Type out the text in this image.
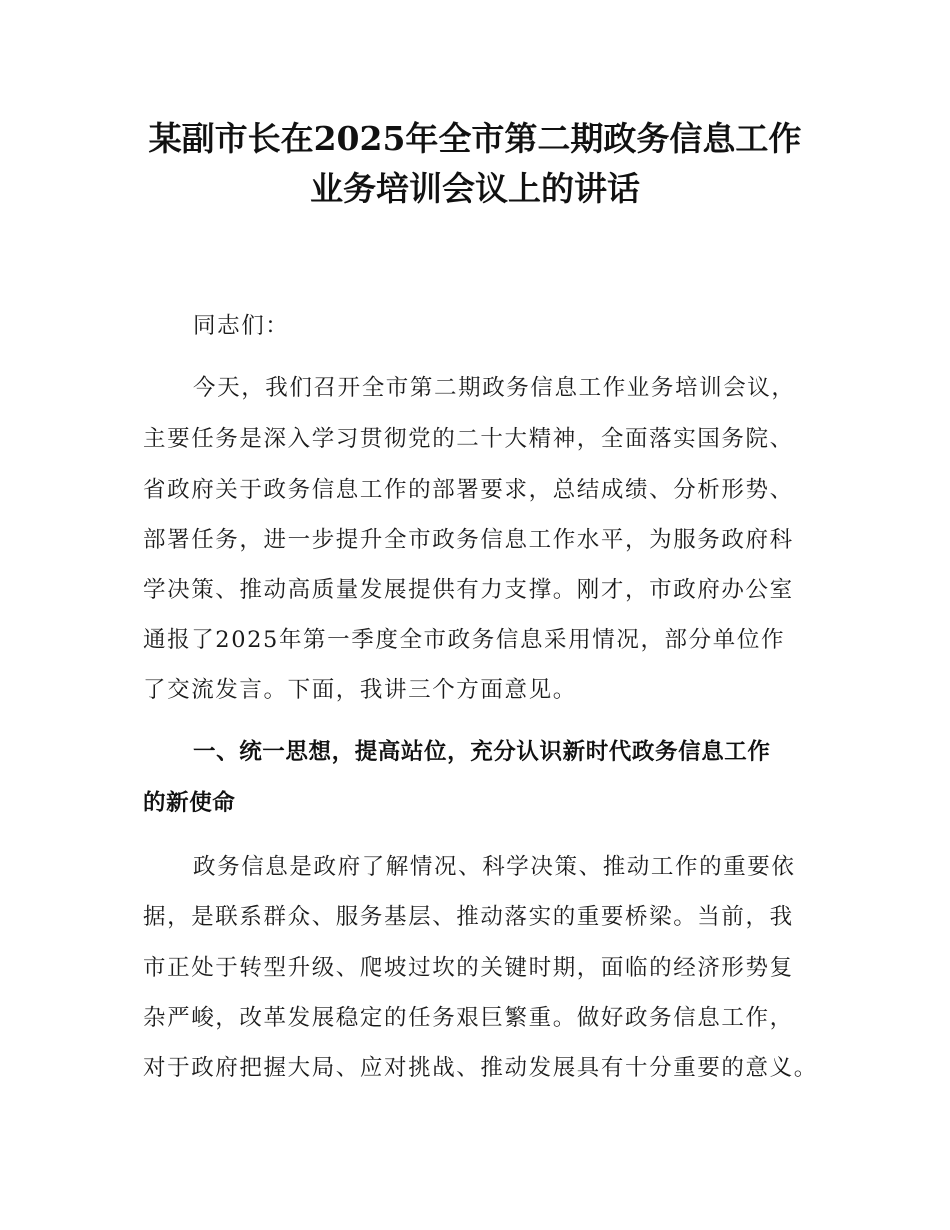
某副市长在2025年全市第二期政务信息工作
业务培训会议上的讲话
同志们：
今天，我们召开全市第二期政务信息工作业务培训会议，
主要任务是深入学习贯彻党的二十大精神，全面落实国务院、
省政府关于政务信息工作的部署要求，总结成绩、分析形势、
部署任务，进一步提升全市政务信息工作水平，为服务政府科
学决策、推动高质量发展提供有力支撑。刚才，市政府办公室
通报了2025年第一季度全市政务信息采用情况，部分单位作
了交流发言。下面，我讲三个方面意见。
一、统一思想，提高站位，充分认识新时代政务信息工作
的新使命
政务信息是政府了解情况、科学决策、推动工作的重要依
据，是联系群众、服务基层、推动落实的重要桥梁。当前，我
市正处于转型升级、爬坡过坎的关键时期，面临的经济形势复
杂严峻，改革发展稳定的任务艰巨繁重。做好政务信息工作，
对于政府把握大局、应对挑战、推动发展具有十分重要的意义。
